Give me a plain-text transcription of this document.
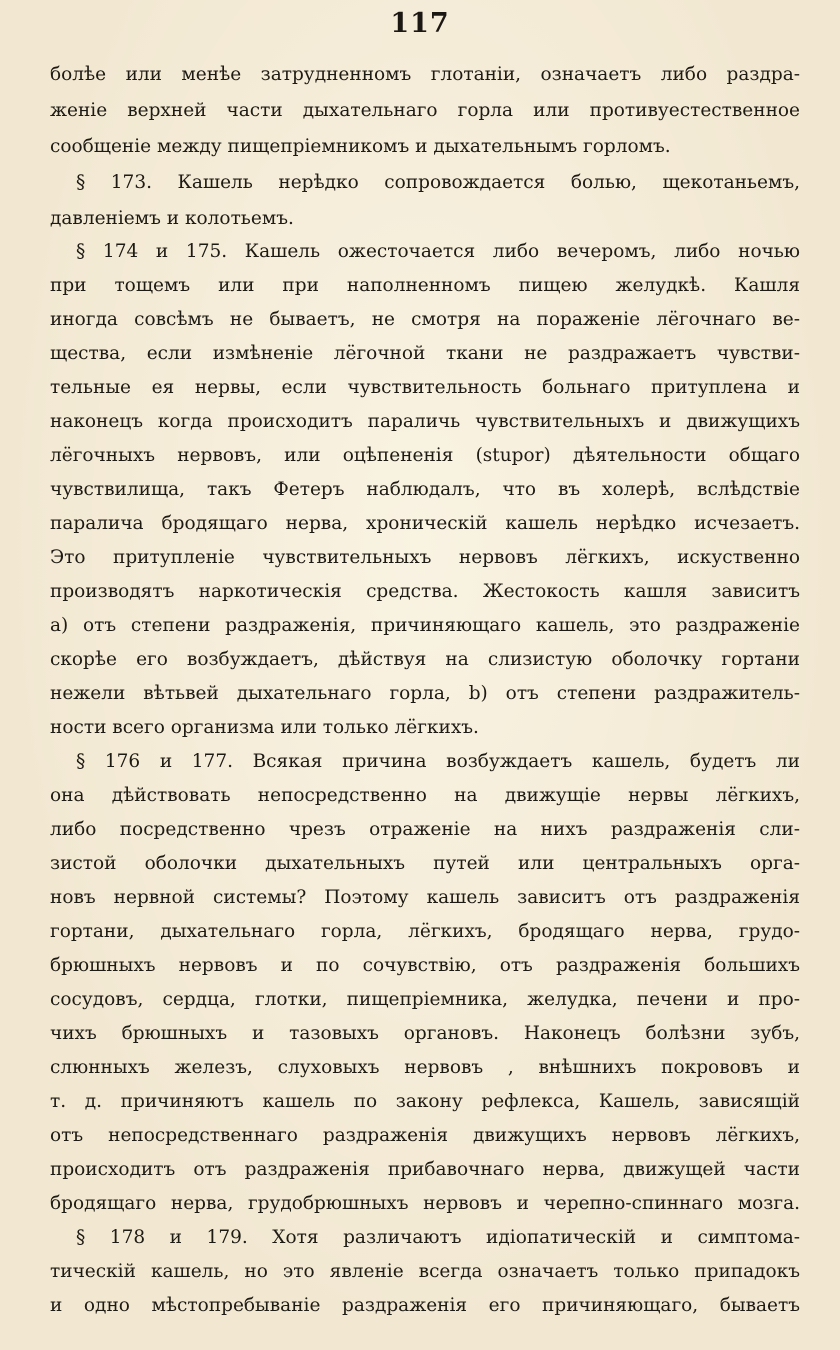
117
болѣе или менѣе затрудненномъ глотаніи, означаетъ либо раздра-
женіе верхней части дыхательнаго горла или противуестественное
сообщеніе между пищепріемникомъ и дыхательнымъ горломъ.
§ 173. Кашель нерѣдко сопровождается болью, щекотаньемъ,
давленіемъ и колотьемъ.
§ 174 и 175. Кашель ожесточается либо вечеромъ, либо ночью
при тощемъ или при наполненномъ пищею желудкѣ. Кашля
иногда совсѣмъ не бываетъ, не смотря на пораженіе лёгочнаго ве-
щества, если измѣненіе лёгочной ткани не раздражаетъ чувстви-
тельные ея нервы, если чувствительность больнаго притуплена и
наконецъ когда происходитъ параличь чувствительныхъ и движущихъ
лёгочныхъ нервовъ, или оцѣпененія (stupor) дѣятельности общаго
чувствилища, такъ Фетеръ наблюдалъ, что въ холерѣ, вслѣдствіе
паралича бродящаго нерва, хроническій кашель нерѣдко исчезаетъ.
Это притупленіе чувствительныхъ нервовъ лёгкихъ, искуственно
производятъ наркотическія средства. Жестокость кашля зависитъ
a) отъ степени раздраженія, причиняющаго кашель, это раздраженіе
скорѣе его возбуждаетъ, дѣйствуя на слизистую оболочку гортани
нежели вѣтьвей дыхательнаго горла, b) отъ степени раздражитель-
ности всего организма или только лёгкихъ.
§ 176 и 177. Всякая причина возбуждаетъ кашель, будетъ ли
она дѣйствовать непосредственно на движущіе нервы лёгкихъ,
либо посредственно чрезъ отраженіе на нихъ раздраженія сли-
зистой оболочки дыхательныхъ путей или центральныхъ орга-
новъ нервной системы? Поэтому кашель зависитъ отъ раздраженія
гортани, дыхательнаго горла, лёгкихъ, бродящаго нерва, грудо-
брюшныхъ нервовъ и по сочувствію, отъ раздраженія большихъ
сосудовъ, сердца, глотки, пищепріемника, желудка, печени и про-
чихъ брюшныхъ и тазовыхъ органовъ. Наконецъ болѣзни зубъ,
слюнныхъ железъ, слуховыхъ нервовъ , внѣшнихъ покрововъ и
т. д. причиняютъ кашель по закону рефлекса, Кашель, зависящій
отъ непосредственнаго раздраженія движущихъ нервовъ лёгкихъ,
происходитъ отъ раздраженія прибавочнаго нерва, движущей части
бродящаго нерва, грудобрюшныхъ нервовъ и черепно-спиннаго мозга.
§ 178 и 179. Хотя различаютъ идіопатическій и симптома-
тическій кашель, но это явленіе всегда означаетъ только припадокъ
и одно мѣстопребываніе раздраженія его причиняющаго, бываетъ
